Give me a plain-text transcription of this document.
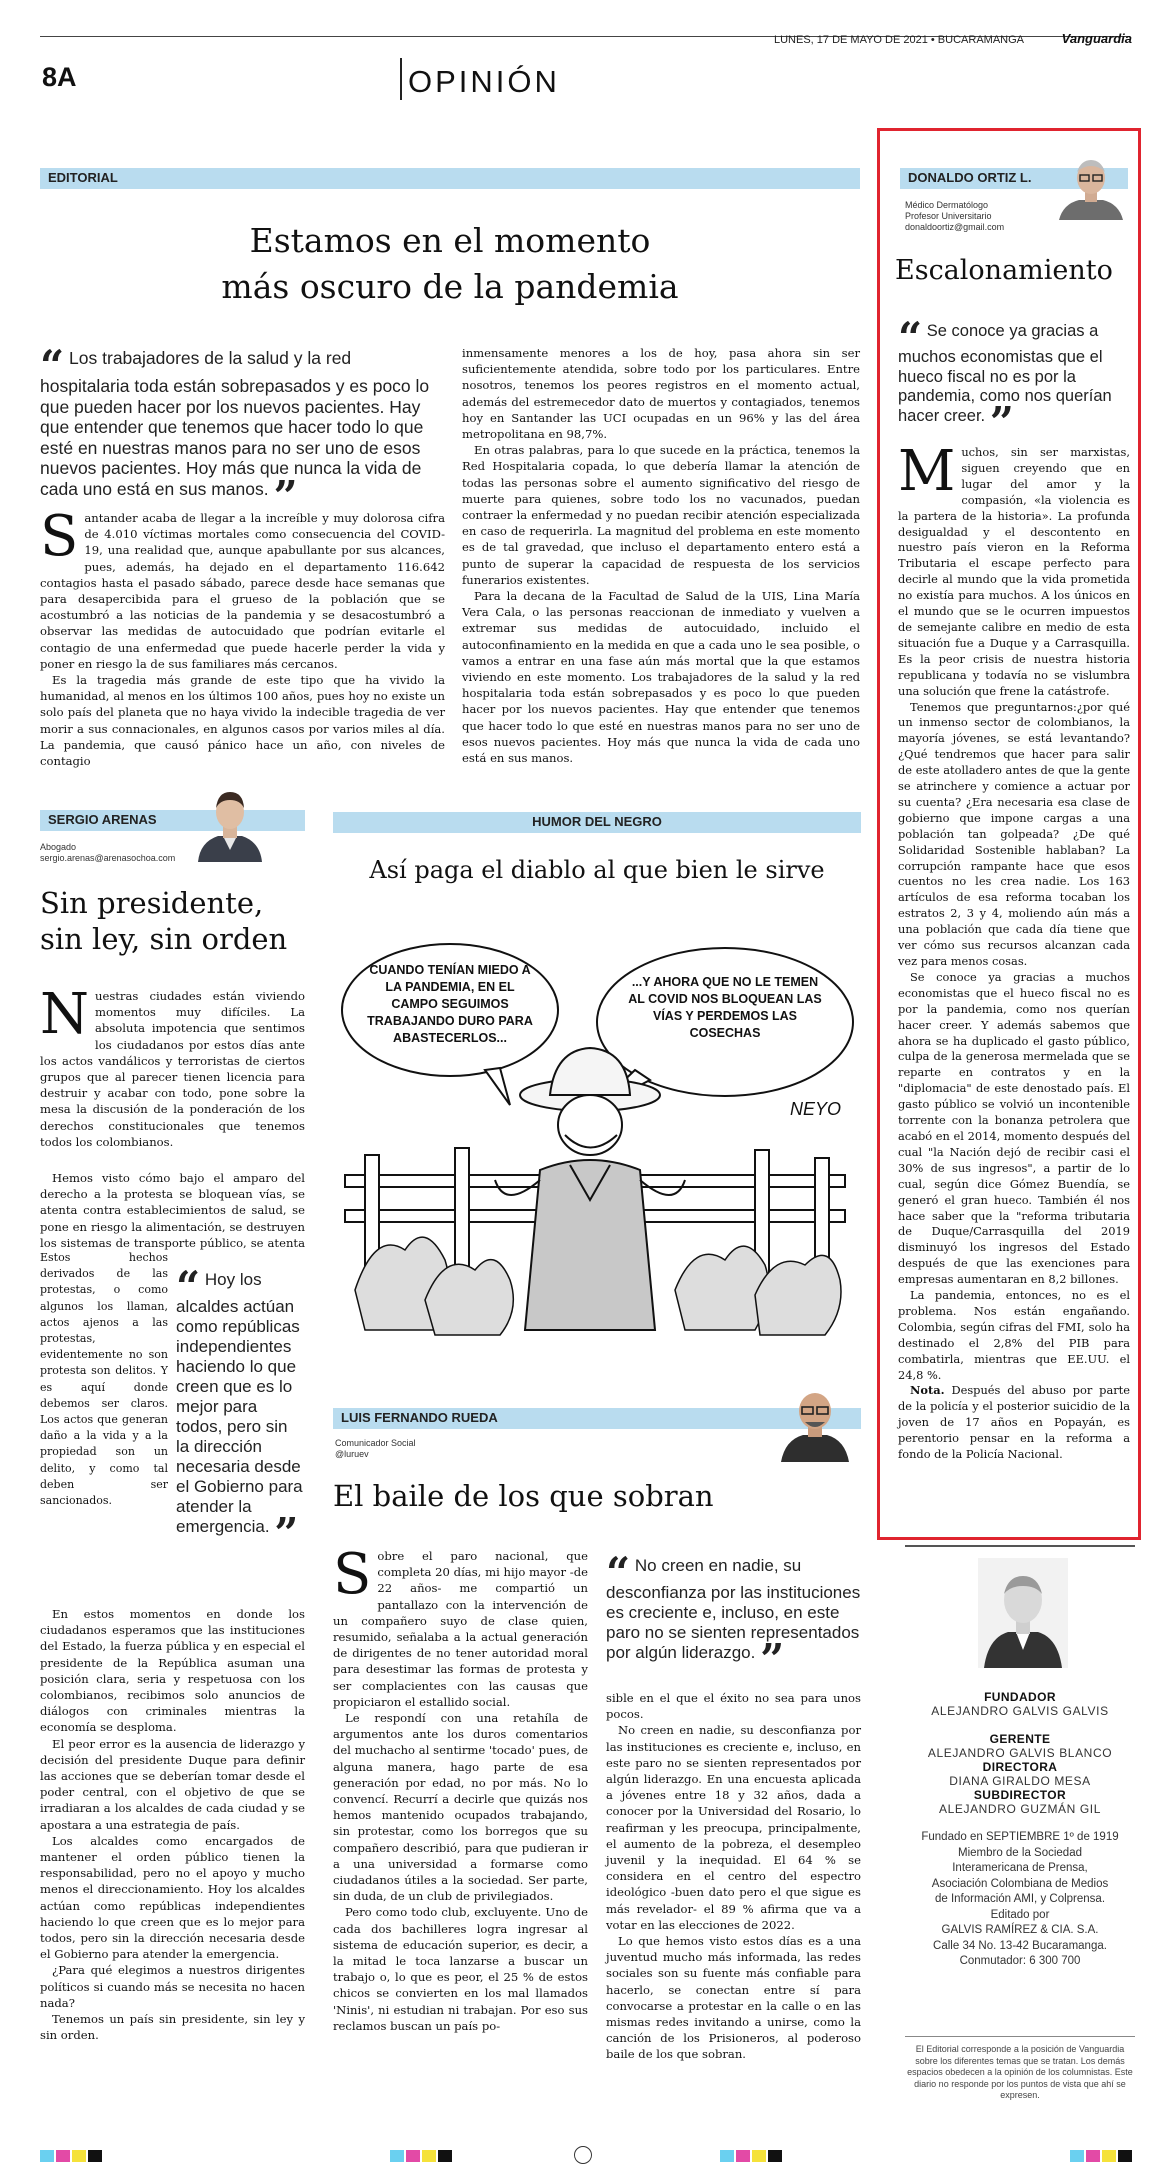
LUNES, 17 DE MAYO DE 2021 • BUCARAMANGA	Vanguardia
8A	OPINIÓN
EDITORIAL
Estamos en el momento
más oscuro de la pandemia
“ Los trabajadores de la salud y la red hospitalaria toda están sobrepasados y es poco lo que pueden hacer por los nuevos pacientes. Hay que entender que tenemos que hacer todo lo que esté en nuestras manos para no ser uno de esos nuevos pacientes. Hoy más que nunca la vida de cada uno está en sus manos. ”

Santander acaba de llegar a la increíble y muy dolorosa cifra de 4.010 víctimas mortales como consecuencia del COVID-19, una realidad que, aunque apabullante por sus alcances, pues, además, ha dejado en el departamento 116.642 contagios hasta el pasado sábado, parece desde hace semanas que para desapercibida para el grueso de la población que se acostumbró a las noticias de la pandemia y se desacostumbró a observar las medidas de autocuidado que podrían evitarle el contagio de una enfermedad que puede hacerle perder la vida y poner en riesgo la de sus familiares más cercanos.

Es la tragedia más grande de este tipo que ha vivido la humanidad, al menos en los últimos 100 años, pues hoy no existe un solo país del planeta que no haya vivido la indecible tragedia de ver morir a sus connacionales, en algunos casos por varios miles al día. La pandemia, que causó pánico hace un año, con niveles de contagio

inmensamente menores a los de hoy, pasa ahora sin ser suficientemente atendida, sobre todo por los particulares. Entre nosotros, tenemos los peores registros en el momento actual, además del estremecedor dato de muertos y contagiados, tenemos hoy en Santander las UCI ocupadas en un 96% y las del área metropolitana en 98,7%.

En otras palabras, para lo que sucede en la práctica, tenemos la Red Hospitalaria copada, lo que debería llamar la atención de todas las personas sobre el aumento significativo del riesgo de muerte para quienes, sobre todo los no vacunados, puedan contraer la enfermedad y no puedan recibir atención especializada en caso de requerirla. La magnitud del problema en este momento es de tal gravedad, que incluso el departamento entero está a punto de superar la capacidad de respuesta de los servicios funerarios existentes.

Para la decana de la Facultad de Salud de la UIS, Lina María Vera Cala, o las personas reaccionan de inmediato y vuelven a extremar sus medidas de autocuidado, incluido el autoconfinamiento en la medida en que a cada uno le sea posible, o vamos a entrar en una fase aún más mortal que la que estamos viviendo en este momento. Los trabajadores de la salud y la red hospitalaria toda están sobrepasados y es poco lo que pueden hacer por los nuevos pacientes. Hay que entender que tenemos que hacer todo lo que esté en nuestras manos para no ser uno de esos nuevos pacientes. Hoy más que nunca la vida de cada uno está en sus manos.

SERGIO ARENAS
Abogado
sergio.arenas@arenasochoa.com
Sin presidente, sin ley, sin orden

Nuestras ciudades están viviendo momentos muy difíciles. La absoluta impotencia que sentimos los ciudadanos por estos días ante los actos vandálicos y terroristas de ciertos grupos que al parecer tienen licencia para destruir y acabar con todo, pone sobre la mesa la discusión de la ponderación de los derechos constitucionales que tenemos todos los colombianos.

Hemos visto cómo bajo el amparo del derecho a la protesta se bloquean vías, se atenta contra establecimientos de salud, se pone en riesgo la alimentación, se destruyen los sistemas de transporte público, se atenta

Estos hechos derivados de las protestas, o como algunos los llaman, actos ajenos a las protestas, evidentemente no son protesta son delitos. Y es aquí donde debemos ser claros. Los actos que generan daño a la vida y a la propiedad son un delito, y como tal deben ser sancionados.

“ Hoy los alcaldes actúan como repúblicas independientes haciendo lo que creen que es lo mejor para todos, pero sin la dirección necesaria desde el Gobierno para atender la emergencia. ”

En estos momentos en donde los ciudadanos esperamos que las instituciones del Estado, la fuerza pública y en especial el presidente de la República asuman una posición clara, seria y respetuosa con los colombianos, recibimos solo anuncios de diálogos con criminales mientras la economía se desploma.

El peor error es la ausencia de liderazgo y decisión del presidente Duque para definir las acciones que se deberían tomar desde el poder central, con el objetivo de que se irradiaran a los alcaldes de cada ciudad y se apostara a una estrategia de país.

Los alcaldes como encargados de mantener el orden público tienen la responsabilidad, pero no el apoyo y mucho menos el direccionamiento. Hoy los alcaldes actúan como repúblicas independientes haciendo lo que creen que es lo mejor para todos, pero sin la dirección necesaria desde el Gobierno para atender la emergencia.

¿Para qué elegimos a nuestros dirigentes políticos si cuando más se necesita no hacen nada?

Tenemos un país sin presidente, sin ley y sin orden.

HUMOR DEL NEGRO
Así paga el diablo al que bien le sirve
NEYO
CUANDO TENÍAN MIEDO A LA PANDEMIA, EN EL CAMPO SEGUIMOS TRABAJANDO DURO PARA ABASTECERLOS...
...Y AHORA QUE NO LE TEMEN AL COVID NOS BLOQUEAN LAS VÍAS Y PERDEMOS LAS COSECHAS
LUIS FERNANDO RUEDA
Comunicador Social
@luruev
El baile de los que sobran

Sobre el paro nacional, que completa 20 días, mi hijo mayor -de 22 años- me compartió un pantallazo con la intervención de un compañero suyo de clase quien, resumido, señalaba a la actual generación de dirigentes de no tener autoridad moral para desestimar las formas de protesta y ser complacientes con las causas que propiciaron el estallido social.

Le respondí con una retahíla de argumentos ante los duros comentarios del muchacho al sentirme 'tocado' pues, de alguna manera, hago parte de esa generación por edad, no por más. No lo convencí. Recurrí a decirle que quizás nos hemos mantenido ocupados trabajando, sin protestar, como los borregos que su compañero describió, para que pudieran ir a una universidad a formarse como ciudadanos útiles a la sociedad. Ser parte, sin duda, de un club de privilegiados.

Pero como todo club, excluyente. Uno de cada dos bachilleres logra ingresar al sistema de educación superior, es decir, a la mitad le toca lanzarse a buscar un trabajo o, lo que es peor, el 25 % de estos chicos se convierten en los mal llamados 'Ninis', ni estudian ni trabajan. Por eso sus reclamos buscan un país po-

“ No creen en nadie, su desconfianza por las instituciones es creciente e, incluso, en este paro no se sienten representados por algún liderazgo. ”

sible en el que el éxito no sea para unos pocos.

No creen en nadie, su desconfianza por las instituciones es creciente e, incluso, en este paro no se sienten representados por algún liderazgo. En una encuesta aplicada a jóvenes entre 18 y 32 años, dada a conocer por la Universidad del Rosario, lo reafirman y les preocupa, principalmente, el aumento de la pobreza, el desempleo juvenil y la inequidad. El 64 % se considera en el centro del espectro ideológico -buen dato pero el que sigue es más revelador- el 89 % afirma que va a votar en las elecciones de 2022.

Lo que hemos visto estos días es a una juventud mucho más informada, las redes sociales son su fuente más confiable para hacerlo, se conectan entre sí para convocarse a protestar en la calle o en las mismas redes invitando a unirse, como la canción de los Prisioneros, al poderoso baile de los que sobran.

DONALDO ORTIZ L.
Médico Dermatólogo
Profesor Universitario
donaldoortiz@gmail.com
Escalonamiento
“ Se conoce ya gracias a muchos economistas que el hueco fiscal no es por la pandemia, como nos querían hacer creer. ”

Muchos, sin ser marxistas, siguen creyendo que en lugar del amor y la compasión, «la violencia es la partera de la historia». La profunda desigualdad y el descontento en nuestro país vieron en la Reforma Tributaria el escape perfecto para decirle al mundo que la vida prometida no existía para muchos. A los únicos en el mundo que se le ocurren impuestos de semejante calibre en medio de esta situación fue a Duque y a Carrasquilla. Es la peor crisis de nuestra historia republicana y todavía no se vislumbra una solución que frene la catástrofe.

Tenemos que preguntarnos:¿por qué un inmenso sector de colombianos, la mayoría jóvenes, se está levantando? ¿Qué tendremos que hacer para salir de este atolladero antes de que la gente se atrinchere y comience a actuar por su cuenta? ¿Era necesaria esa clase de gobierno que impone cargas a una población tan golpeada? ¿De qué Solidaridad Sostenible hablaban? La corrupción rampante hace que esos cuentos no les crea nadie. Los 163 artículos de esa reforma tocaban los estratos 2, 3 y 4, moliendo aún más a una población que cada día tiene que ver cómo sus recursos alcanzan cada vez para menos cosas.

Se conoce ya gracias a muchos economistas que el hueco fiscal no es por la pandemia, como nos querían hacer creer. Y además sabemos que ahora se ha duplicado el gasto público, culpa de la generosa mermelada que se reparte en contratos y en la "diplomacia" de este denostado país. El gasto público se volvió un incontenible torrente con la bonanza petrolera que acabó en el 2014, momento después del cual "la Nación dejó de recibir casi el 30% de sus ingresos", a partir de lo cual, según dice Gómez Buendía, se generó el gran hueco. También él nos hace saber que la "reforma tributaria de Duque/Carrasquilla del 2019 disminuyó los ingresos del Estado después de que las exenciones para empresas aumentaran en 8,2 billones.

La pandemia, entonces, no es el problema. Nos están engañando. Colombia, según cifras del FMI, solo ha destinado el 2,8% del PIB para combatirla, mientras que EE.UU. el 24,8 %.

Nota. Después del abuso por parte de la policía y el posterior suicidio de la joven de 17 años en Popayán, es perentorio pensar en la reforma a fondo de la Policía Nacional.

FUNDADOR
ALEJANDRO GALVIS GALVIS
GERENTE
ALEJANDRO GALVIS BLANCO
DIRECTORA
DIANA GIRALDO MESA
SUBDIRECTOR
ALEJANDRO GUZMÁN GIL
Fundado en SEPTIEMBRE 1º de 1919
Miembro de la Sociedad
Interamericana de Prensa,
Asociación Colombiana de Medios
de Información AMI, y Colprensa.
Editado por
GALVIS RAMÍREZ & CIA. S.A.
Calle 34 No. 13-42 Bucaramanga.
Conmutador: 6 300 700
El Editorial corresponde a la posición de Vanguardia sobre los diferentes temas que se tratan. Los demás espacios obedecen a la opinión de los columnistas. Este diario no responde por los puntos de vista que ahí se expresen.
